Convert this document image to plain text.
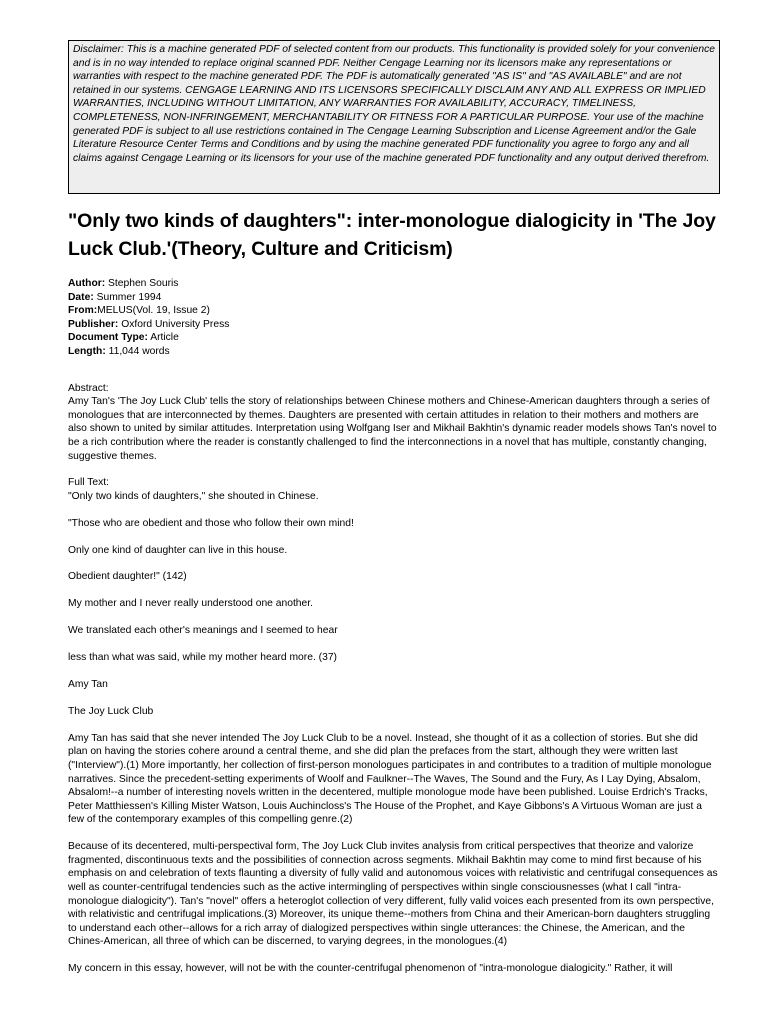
Disclaimer: This is a machine generated PDF of selected content from our products. This functionality is provided solely for your convenience and is in no way intended to replace original scanned PDF. Neither Cengage Learning nor its licensors make any representations or warranties with respect to the machine generated PDF. The PDF is automatically generated "AS IS" and "AS AVAILABLE" and are not retained in our systems. CENGAGE LEARNING AND ITS LICENSORS SPECIFICALLY DISCLAIM ANY AND ALL EXPRESS OR IMPLIED WARRANTIES, INCLUDING WITHOUT LIMITATION, ANY WARRANTIES FOR AVAILABILITY, ACCURACY, TIMELINESS, COMPLETENESS, NON-INFRINGEMENT, MERCHANTABILITY OR FITNESS FOR A PARTICULAR PURPOSE. Your use of the machine generated PDF is subject to all use restrictions contained in The Cengage Learning Subscription and License Agreement and/or the Gale Literature Resource Center Terms and Conditions and by using the machine generated PDF functionality you agree to forgo any and all claims against Cengage Learning or its licensors for your use of the machine generated PDF functionality and any output derived therefrom.
"Only two kinds of daughters": inter-monologue dialogicity in 'The Joy Luck Club.'(Theory, Culture and Criticism)
Author: Stephen Souris
Date: Summer 1994
From:MELUS(Vol. 19, Issue 2)
Publisher: Oxford University Press
Document Type: Article
Length: 11,044 words
Abstract:
Amy Tan's 'The Joy Luck Club' tells the story of relationships between Chinese mothers and Chinese-American daughters through a series of monologues that are interconnected by themes. Daughters are presented with certain attitudes in relation to their mothers and mothers are also shown to united by similar attitudes. Interpretation using Wolfgang Iser and Mikhail Bakhtin's dynamic reader models shows Tan's novel to be a rich contribution where the reader is constantly challenged to find the interconnections in a novel that has multiple, constantly changing, suggestive themes.
Full Text:
"Only two kinds of daughters," she shouted in Chinese.
"Those who are obedient and those who follow their own mind!
Only one kind of daughter can live in this house.
Obedient daughter!" (142)
My mother and I never really understood one another.
We translated each other's meanings and I seemed to hear
less than what was said, while my mother heard more. (37)
Amy Tan
The Joy Luck Club
Amy Tan has said that she never intended The Joy Luck Club to be a novel. Instead, she thought of it as a collection of stories. But she did plan on having the stories cohere around a central theme, and she did plan the prefaces from the start, although they were written last ("Interview").(1) More importantly, her collection of first-person monologues participates in and contributes to a tradition of multiple monologue narratives. Since the precedent-setting experiments of Woolf and Faulkner--The Waves, The Sound and the Fury, As I Lay Dying, Absalom, Absalom!--a number of interesting novels written in the decentered, multiple monologue mode have been published. Louise Erdrich's Tracks, Peter Matthiessen's Killing Mister Watson, Louis Auchincloss's The House of the Prophet, and Kaye Gibbons's A Virtuous Woman are just a few of the contemporary examples of this compelling genre.(2)
Because of its decentered, multi-perspectival form, The Joy Luck Club invites analysis from critical perspectives that theorize and valorize fragmented, discontinuous texts and the possibilities of connection across segments. Mikhail Bakhtin may come to mind first because of his emphasis on and celebration of texts flaunting a diversity of fully valid and autonomous voices with relativistic and centrifugal consequences as well as counter-centrifugal tendencies such as the active intermingling of perspectives within single consciousnesses (what I call "intra-monologue dialogicity"). Tan's "novel" offers a heteroglot collection of very different, fully valid voices each presented from its own perspective, with relativistic and centrifugal implications.(3) Moreover, its unique theme--mothers from China and their American-born daughters struggling to understand each other--allows for a rich array of dialogized perspectives within single utterances: the Chinese, the American, and the Chines-American, all three of which can be discerned, to varying degrees, in the monologues.(4)
My concern in this essay, however, will not be with the counter-centrifugal phenomenon of "intra-monologue dialogicity." Rather, it will
